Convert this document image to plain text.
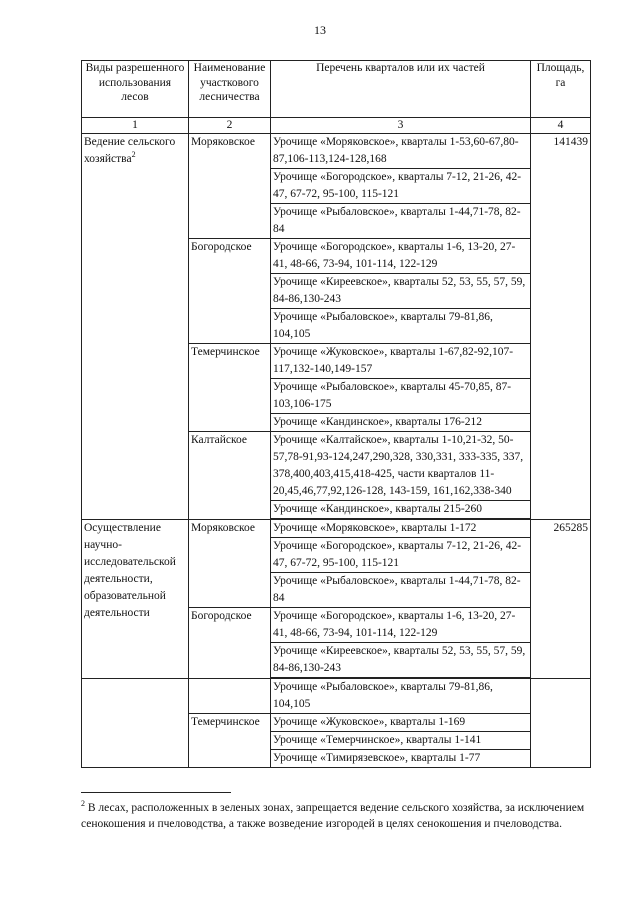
13
Виды разрешенного использования лесов	Наименование участкового лесничества	Перечень кварталов или их частей	Площадь, га
1	2	3	4
Ведение сельского хозяйства$^2$	Моряковское	Урочище «Моряковское», кварталы 1-53,60-67,80-87,106-113,124-128,168	141439
		Урочище «Богородское», кварталы 7-12, 21-26, 42-47, 67-72, 95-100, 115-121	
		Урочище «Рыбаловское», кварталы 1-44,71-78, 82-84	
	Богородское	Урочище «Богородское», кварталы 1-6, 13-20, 27-41, 48-66, 73-94, 101-114, 122-129	
		Урочище «Киреевское», кварталы 52, 53, 55, 57, 59, 84-86,130-243	
		Урочище «Рыбаловское», кварталы 79-81,86, 104,105	
	Темерчинское	Урочище «Жуковское», кварталы 1-67,82-92,107-117,132-140,149-157	
		Урочище «Рыбаловское», кварталы 45-70,85, 87-103,106-175	
		Урочище «Кандинское», кварталы 176-212	
	Калтайское	Урочище «Калтайское», кварталы 1-10,21-32, 50-57,78-91,93-124,247,290,328, 330,331, 333-335, 337, 378,400,403,415,418-425, части кварталов 11-20,45,46,77,92,126-128, 143-159, 161,162,338-340	
		Урочище «Кандинское», кварталы 215-260	

Осуществление научно-исследовательской деятельности, образовательной деятельности	Моряковское	Урочище «Моряковское», кварталы 1-172	265285
		Урочище «Богородское», кварталы 7-12, 21-26, 42-47, 67-72, 95-100, 115-121	
		Урочище «Рыбаловское», кварталы 1-44,71-78, 82-84	
	Богородское	Урочище «Богородское», кварталы 1-6, 13-20, 27-41, 48-66, 73-94, 101-114, 122-129	
		Урочище «Киреевское», кварталы 52, 53, 55, 57, 59, 84-86,130-243	

		Урочище «Рыбаловское», кварталы 79-81,86, 104,105	
	Темерчинское	Урочище «Жуковское», кварталы 1-169	
		Урочище «Темерчинское», кварталы 1-141	
		Урочище «Тимирязевское», кварталы 1-77	
$^2$ В лесах, расположенных в зеленых зонах, запрещается ведение сельского хозяйства, за исключением сенокошения и пчеловодства, а также возведение изгородей в целях сенокошения и пчеловодства.
